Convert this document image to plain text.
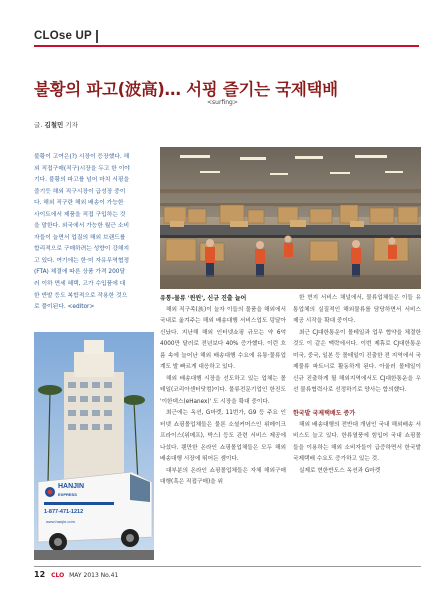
CLOse UP
불황의 파고(波高)… 서핑 즐기는 국제택배
<surfing>
글. 김철민 기자
불황이 고여은(?) 시장이 등장했다. 해
외 직접구매(직구)시장을 두고 한 이야
기다. 불황의 파고를 넘어 마치 서핑을
즐기듯 해외 직구시장이 급성장 중이
다. 해외 직구란 해외 배송이 가능한
사이트에서 제품을 직접 구입하는 것
을 말한다. 외국에서 가능한 월근 소비
자들이 늘면서 업질의 해외 브랜드를
합리적으로 구매하려는 성향이 강해지
고 있다. 여기에는 한·미 자유무역협정
(FTA) 체결에 따른 상품 가격 200달
러 이하 면세 혜택, 고가 수입품에 대
한 반발 등도 복합적으로 작용한 것으
로 풀이된다. <editor>
HANJIN
EXPRESS
1-877-471-1212
www.hanjin.com
유통-물류 '윈윈', 신규 진출 늘어
해외 직구족(族)이 늘자 이들의 물품을 해외에서 국내로 옮겨주는 해외 배송대행 서비스업도 덩달아 신났다. 지난해 해외 인터넷쇼핑 규모는 약 6억 4000만 달러로 전년보다 40% 증가했다. 이런 흐름 속에 늘어난 해외 배송대행 수요에 유통·물류업계도 발 빠르게 대응하고 있다.
해외 배송대행 시장을 선도하고 있는 업체는 몰테일(코리아센터닷컴)이다. 물류전문기업인 한진도 '이한댁스(eHanex)' 도 시장을 확대 중이다.
최근에는 옥션, G마켓, 11번가, G9 등 주요 인터넷 쇼핑몰업체들은 물론 소셜커머스인 위메이크프라이스(위메프), 박스) 등도 관련 서비스 제공에 나섰다. 웬만한 온라인 쇼핑몰업체들은 모두 해외 배송대행 시장에 뛰어든 셈이다.
대부분의 온라인 쇼핑몰업체들은 자체 해외구매대행(혹은 직접구매)을 위
한 현지 서비스 채널에서, 물류업체들은 이들 유통업체의 실질적인 해외물류를 담당하면서 서비스 제공 시작을 확대 중이다.
최근 CJ대한통운이 몰테일과 업무 협약을 체결한 것도 이 같은 맥락에서다. 이번 제휴로 CJ대한통운 미국, 중국, 일본 등 몰테일이 진출한 전 지역에서 국제물류 파트너로 활동하게 된다. 아울러 몰테일이 신규 진출하게 될 해외지역에서도 CJ대한통운을 우선 물류협력사로 선정하기로 양사는 합의했다.
한국발 국제택배도 증가
해외 배송대행의 전반대 개념인 국내 해외배송 서비스도 늘고 있다. 한류열풍에 힘입어 국내 쇼핑몰들을 이용하는 해외 소비자들이 급증하면서 한국발 국제택배 수요도 증가하고 있는 것.
실제로 현한반도스 옥션과 G마켓
12 CLO MAY 2013 No.41
